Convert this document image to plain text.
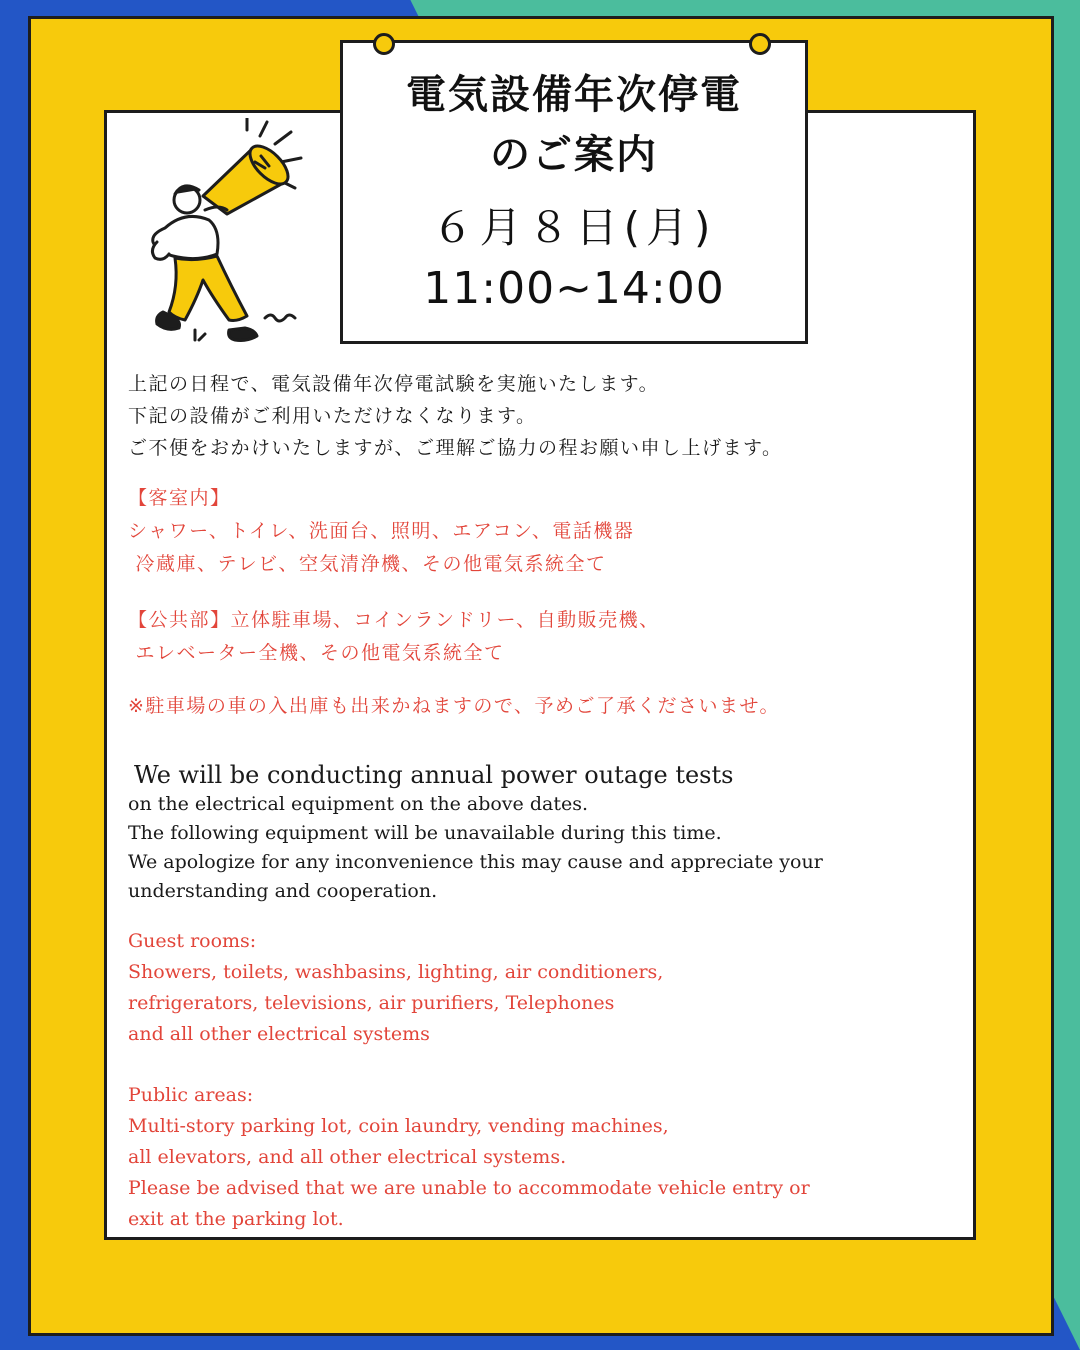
電気設備年次停電
のご案内
６月８日(月)
11:00~14:00
上記の日程で、電気設備年次停電試験を実施いたします。
下記の設備がご利用いただけなくなります。
ご不便をおかけいたしますが、ご理解ご協力の程お願い申し上げます。
【客室内】
シャワー、トイレ、洗面台、照明、エアコン、電話機器
冷蔵庫、テレビ、空気清浄機、その他電気系統全て
【公共部】立体駐車場、コインランドリー、自動販売機、
エレベーター全機、その他電気系統全て
※駐車場の車の入出庫も出来かねますので、予めご了承くださいませ。
We will be conducting annual power outage tests
on the electrical equipment on the above dates.
The following equipment will be unavailable during this time.
We apologize for any inconvenience this may cause and appreciate your
understanding and cooperation.
Guest rooms:
Showers, toilets, washbasins, lighting, air conditioners,
refrigerators, televisions, air purifiers, Telephones
and all other electrical systems
Public areas:
Multi-story parking lot, coin laundry, vending machines,
all elevators, and all other electrical systems.
Please be advised that we are unable to accommodate vehicle entry or
exit at the parking lot.
